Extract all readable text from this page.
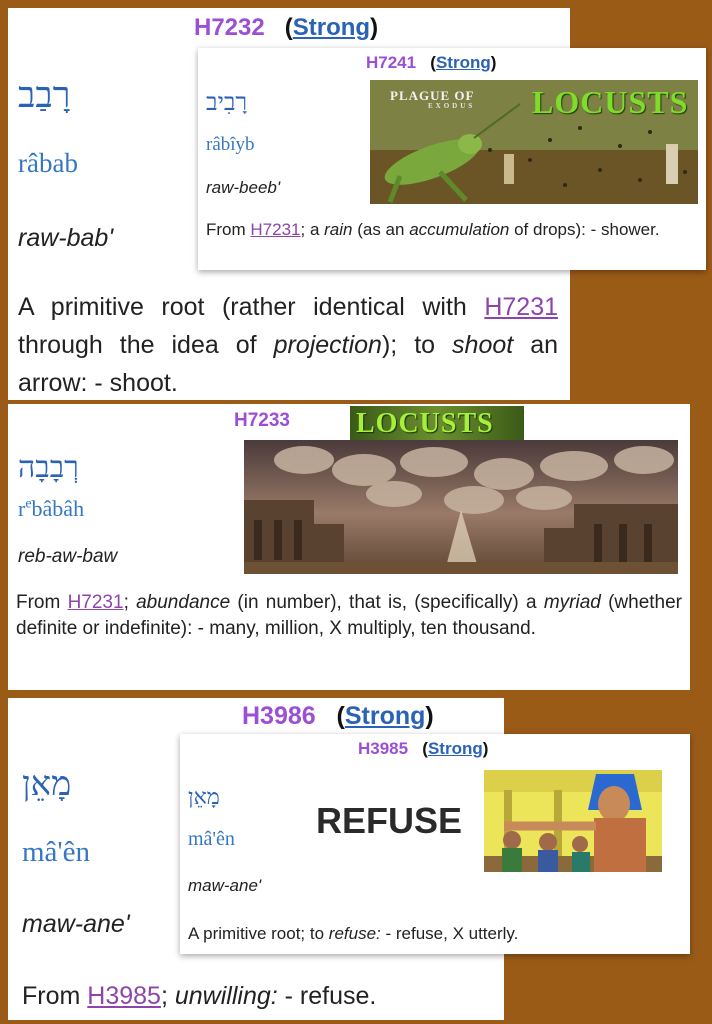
H7232   (Strong)
רָבַב
râbab
raw-bab'
A primitive root (rather identical with H7231 through the idea of projection); to shoot an arrow: - shoot.
H7241   (Strong)
רָבִיב
râbîyb
raw-beeb'
PLAGUE OF
EXODUS LOCUSTS
From H7231; a rain (as an accumulation of drops): - shower.
H7233 LOCUSTS
רְבָבָה
$r^ebâbâh$
reb-aw-baw
From H7231; abundance (in number), that is, (specifically) a myriad (whether definite or indefinite): - many, million, X multiply, ten thousand.
H3986   (Strong)
מָאֵן
mâ'ên
maw-ane'
From H3985; unwilling: - refuse.
H3985   (Strong)
מָאֵן
mâ'ên
maw-ane'
REFUSE
A primitive root; to refuse: - refuse, X utterly.
